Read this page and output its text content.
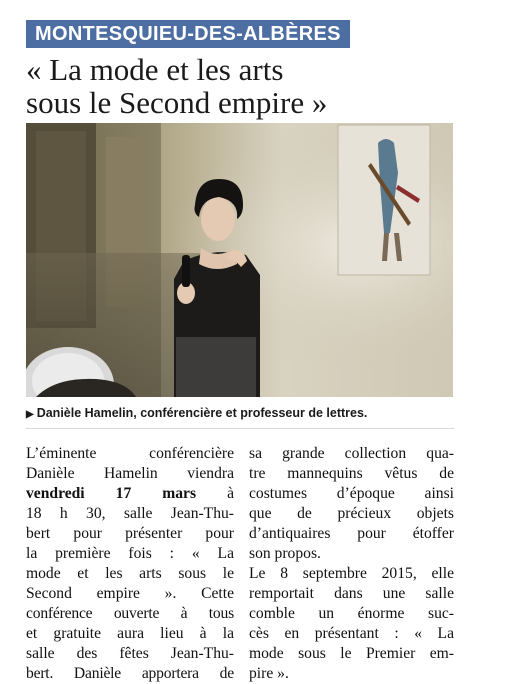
MONTESQUIEU-DES-ALBÈRES
« La mode et les arts
sous le Second empire »
▶ Danièle Hamelin, conférencière et professeur de lettres.
L’éminente conférencière
Danièle Hamelin viendra
vendredi 17 mars à
18 h 30, salle Jean-Thu-
bert pour présenter pour
la première fois : « La
mode et les arts sous le
Second empire ». Cette
conférence ouverte à tous
et gratuite aura lieu à la
salle des fêtes Jean-Thu-
bert. Danièle apportera de
sa grande collection qua-
tre mannequins vêtus de
costumes d’époque ainsi
que de précieux objets
d’antiquaires pour étoffer
son propos.
Le 8 septembre 2015, elle
remportait dans une salle
comble un énorme suc-
cès en présentant : « La
mode sous le Premier em-
pire ».
